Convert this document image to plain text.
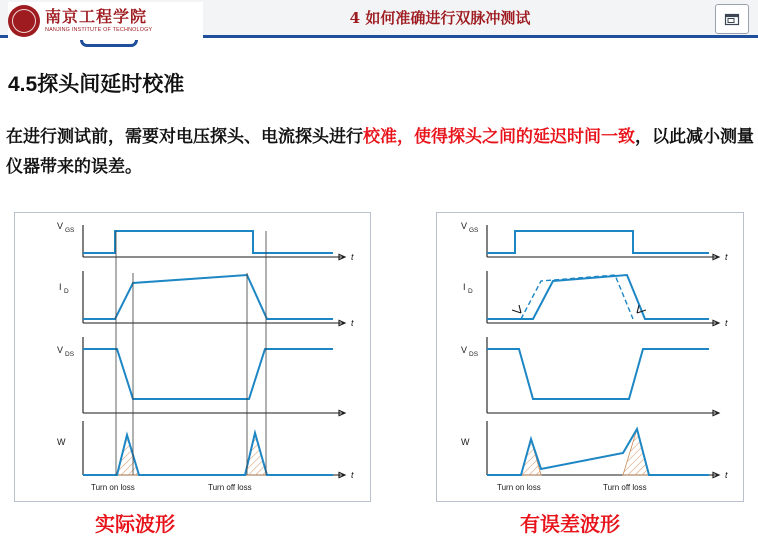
南京工程学院
NANJING INSTITUTE OF TECHNOLOGY
4 如何准确进行双脉冲测试
4.5探头间延时校准
在进行测试前，需要对电压探头、电流探头进行校准，使得探头之间的延迟时间一致，以此减小测量仪器带来的误差。
V GS
t
I D
t
V DS
W
t
Turn on loss	Turn off loss
V GS
t
I D
t
V DS
W
t
Turn on loss	Turn off loss
实际波形	有误差波形
